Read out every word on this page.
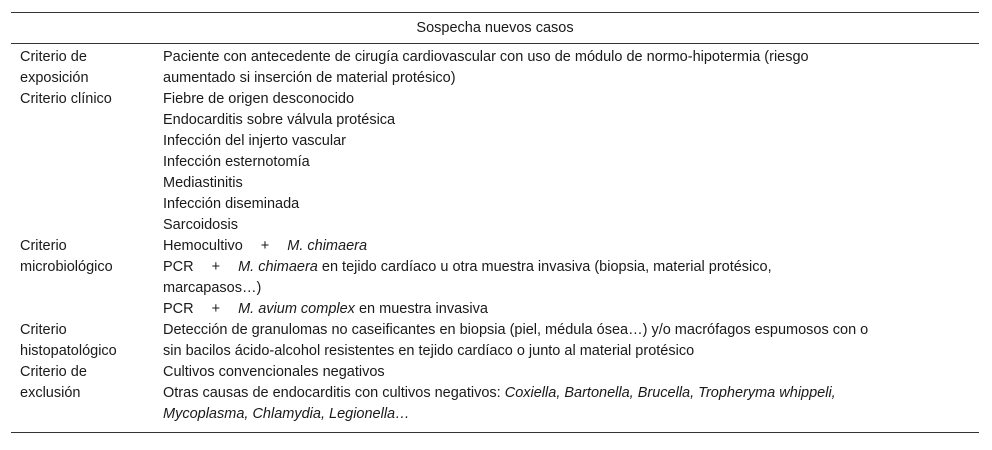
Sospecha nuevos casos
Criterio de
exposición
Paciente con antecedente de cirugía cardiovascular con uso de módulo de normo-hipotermia (riesgo
aumentado si inserción de material protésico)
Criterio clínico	Fiebre de origen desconocido
Endocarditis sobre válvula protésica
Infección del injerto vascular
Infección esternotomía
Mediastinitis
Infección diseminada
Sarcoidosis
Criterio
microbiológico
Hemocultivo + M. chimaera
PCR + M. chimaera en tejido cardíaco u otra muestra invasiva (biopsia, material protésico,
marcapasos…)
PCR + M. avium complex en muestra invasiva
Criterio
histopatológico
Detección de granulomas no caseificantes en biopsia (piel, médula ósea…) y/o macrófagos espumosos con o
sin bacilos ácido-alcohol resistentes en tejido cardíaco o junto al material protésico
Criterio de
exclusión
Cultivos convencionales negativos
Otras causas de endocarditis con cultivos negativos: Coxiella, Bartonella, Brucella, Tropheryma whippeli,
Mycoplasma, Chlamydia, Legionella…
